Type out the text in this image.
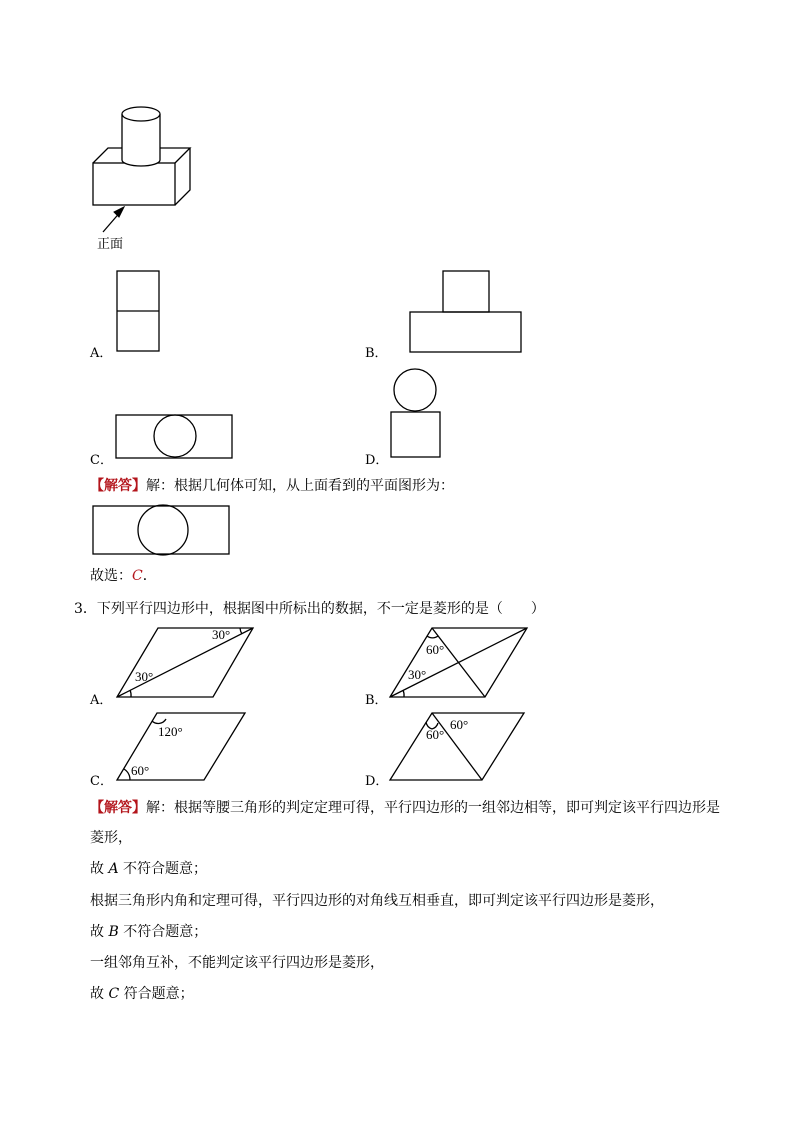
正面
A．	B．
C．	D．
【解答】解：根据几何体可知，从上面看到的平面图形为：
故选：C．
3．下列平行四边形中，根据图中所标出的数据，不一定是菱形的是（　　）
A．	B．
C．	D．
30°
30°
60°
30°
120°
60°
60°
60°
【解答】解：根据等腰三角形的判定定理可得，平行四边形的一组邻边相等，即可判定该平行四边形是
菱形，
故 A 不符合题意；
根据三角形内角和定理可得，平行四边形的对角线互相垂直，即可判定该平行四边形是菱形，
故 B 不符合题意；
一组邻角互补，不能判定该平行四边形是菱形，
故 C 符合题意；
